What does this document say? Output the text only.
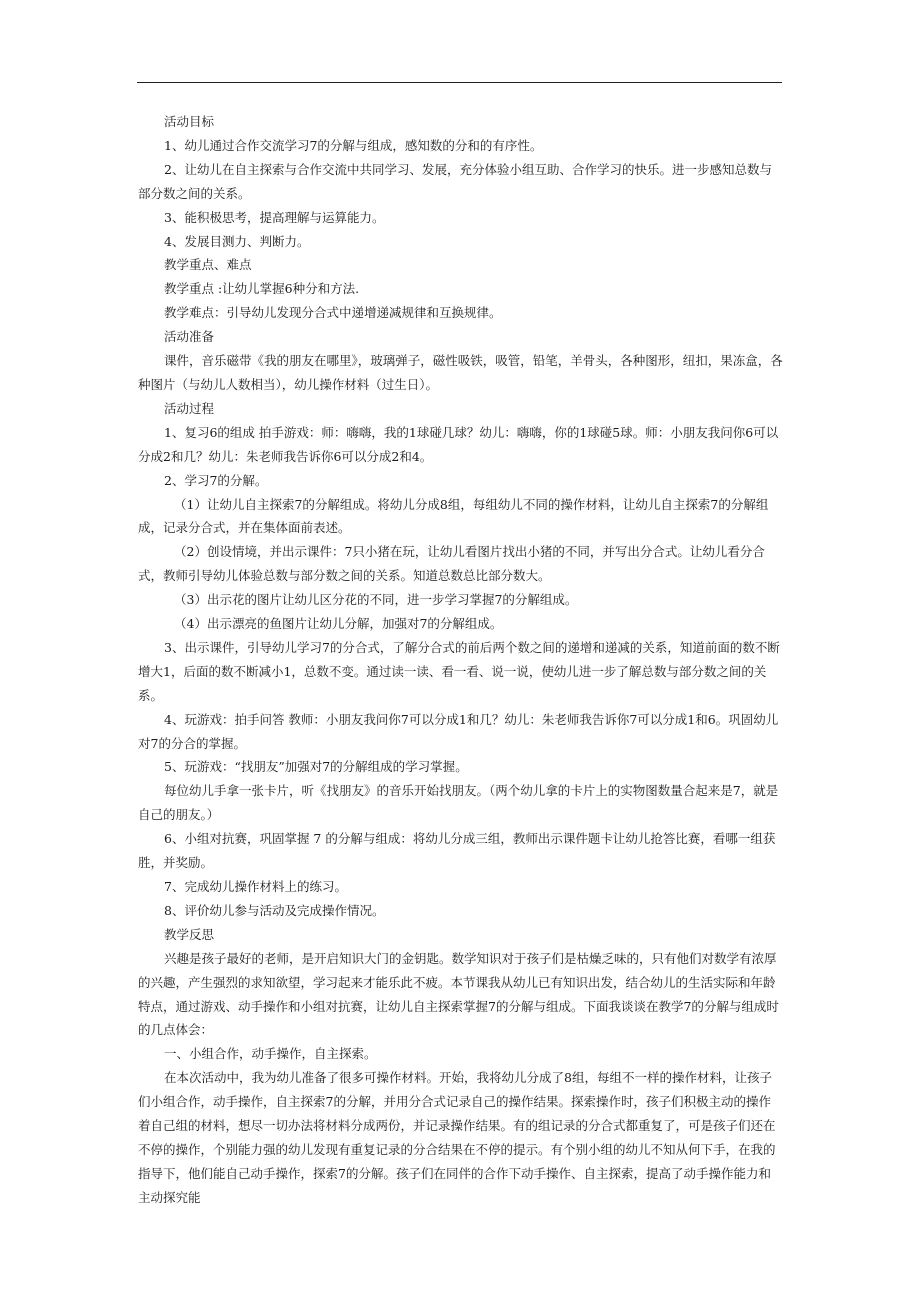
活动目标

1、幼儿通过合作交流学习7的分解与组成，感知数的分和的有序性。

2、让幼儿在自主探索与合作交流中共同学习、发展，充分体验小组互助、合作学习的快乐。进一步感知总数与部分数之间的关系。

3、能积极思考，提高理解与运算能力。

4、发展目测力、判断力。

教学重点、难点

教学重点 :让幼儿掌握6种分和方法.

教学难点：引导幼儿发现分合式中递增递减规律和互换规律。

活动准备

课件，音乐磁带《我的朋友在哪里》，玻璃弹子，磁性吸铁，吸管，铅笔，羊骨头，各种图形，纽扣，果冻盒，各种图片（与幼儿人数相当），幼儿操作材料（过生日）。

活动过程

1、复习6的组成 拍手游戏：师：嗨嗨，我的1球碰几球？幼儿：嗨嗨，你的1球碰5球。师：小朋友我问你6可以分成2和几？幼儿：朱老师我告诉你6可以分成2和4。

2、学习7的分解。

（1）让幼儿自主探索7的分解组成。将幼儿分成8组，每组幼儿不同的操作材料，让幼儿自主探索7的分解组成，记录分合式，并在集体面前表述。

（2）创设情境，并出示课件：7只小猪在玩，让幼儿看图片找出小猪的不同，并写出分合式。让幼儿看分合式，教师引导幼儿体验总数与部分数之间的关系。知道总数总比部分数大。

（3）出示花的图片让幼儿区分花的不同，进一步学习掌握7的分解组成。

（4）出示漂亮的鱼图片让幼儿分解，加强对7的分解组成。

3、出示课件，引导幼儿学习7的分合式，了解分合式的前后两个数之间的递增和递减的关系，知道前面的数不断增大1，后面的数不断减小1，总数不变。通过读一读、看一看、说一说，使幼儿进一步了解总数与部分数之间的关系。

4、玩游戏：拍手问答 教师：小朋友我问你7可以分成1和几？幼儿：朱老师我告诉你7可以分成1和6。巩固幼儿对7的分合的掌握。

5、玩游戏：“找朋友”加强对7的分解组成的学习掌握。

每位幼儿手拿一张卡片，听《找朋友》的音乐开始找朋友。（两个幼儿拿的卡片上的实物图数量合起来是7，就是自己的朋友。）

6、小组对抗赛，巩固掌握 7 的分解与组成：将幼儿分成三组，教师出示课件题卡让幼儿抢答比赛，看哪一组获胜，并奖励。

7、完成幼儿操作材料上的练习。

8、评价幼儿参与活动及完成操作情况。

教学反思

兴趣是孩子最好的老师，是开启知识大门的金钥匙。数学知识对于孩子们是枯燥乏味的，只有他们对数学有浓厚的兴趣，产生强烈的求知欲望，学习起来才能乐此不疲。本节课我从幼儿已有知识出发，结合幼儿的生活实际和年龄特点，通过游戏、动手操作和小组对抗赛，让幼儿自主探索掌握7的分解与组成。下面我谈谈在教学7的分解与组成时的几点体会：

一、小组合作，动手操作，自主探索。

在本次活动中，我为幼儿准备了很多可操作材料。开始，我将幼儿分成了8组，每组不一样的操作材料，让孩子们小组合作，动手操作，自主探索7的分解，并用分合式记录自己的操作结果。探索操作时，孩子们积极主动的操作着自己组的材料，想尽一切办法将材料分成两份，并记录操作结果。有的组记录的分合式都重复了，可是孩子们还在不停的操作，个别能力强的幼儿发现有重复记录的分合结果在不停的提示。有个别小组的幼儿不知从何下手，在我的指导下，他们能自己动手操作，探索7的分解。孩子们在同伴的合作下动手操作、自主探索，提高了动手操作能力和主动探究能
